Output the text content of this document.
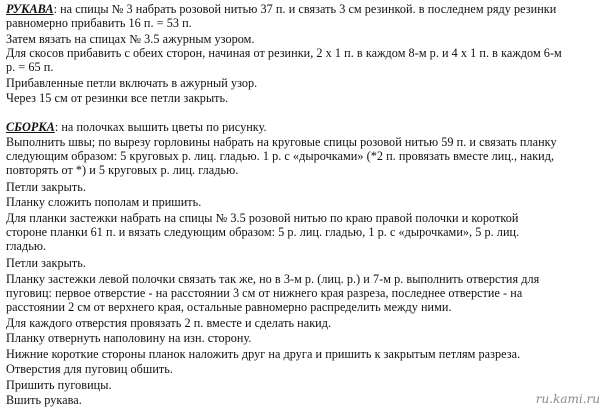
РУКАВА: на спицы № 3 набрать розовой нитью 37 п. и связать 3 см резинкой. в последнем ряду резинки
равномерно прибавить 16 п. = 53 п.
Затем вязать на спицах № 3.5 ажурным узором.
Для скосов прибавить с обеих сторон, начиная от резинки, 2 х 1 п. в каждом 8-м р. и 4 х 1 п. в каждом 6-м
р. = 65 п.
Прибавленные петли включать в ажурный узор.
Через 15 см от резинки все петли закрыть.
СБОРКА: на полочках вышить цветы по рисунку.
Выполнить швы; по вырезу горловины набрать на круговые спицы розовой нитью 59 п. и связать планку
следующим образом: 5 круговых р. лиц. гладью. 1 р. с «дырочками» (*2 п. провязать вместе лиц., накид,
повторять от *) и 5 круговых р. лиц. гладью.
Петли закрыть.
Планку сложить пополам и пришить.
Для планки застежки набрать на спицы № 3.5 розовой нитью по краю правой полочки и короткой
стороне планки 61 п. и вязать следующим образом: 5 р. лиц. гладью, 1 р. с «дырочками», 5 р. лиц.
гладью.
Петли закрыть.
Планку застежки левой полочки связать так же, но в 3-м р. (лиц. р.) и 7-м р. выполнить отверстия для
пуговиц: первое отверстие - на расстоянии 3 см от нижнего края разреза, последнее отверстие - на
расстоянии 2 см от верхнего края, остальные равномерно распределить между ними.
Для каждого отверстия провязать 2 п. вместе и сделать накид.
Планку отвернуть наполовину на изн. сторону.
Нижние короткие стороны планок наложить друг на друга и пришить к закрытым петлям разреза.
Отверстия для пуговиц обшить.
Пришить пуговицы.
Вшить рукава.	ru.kami.ru
